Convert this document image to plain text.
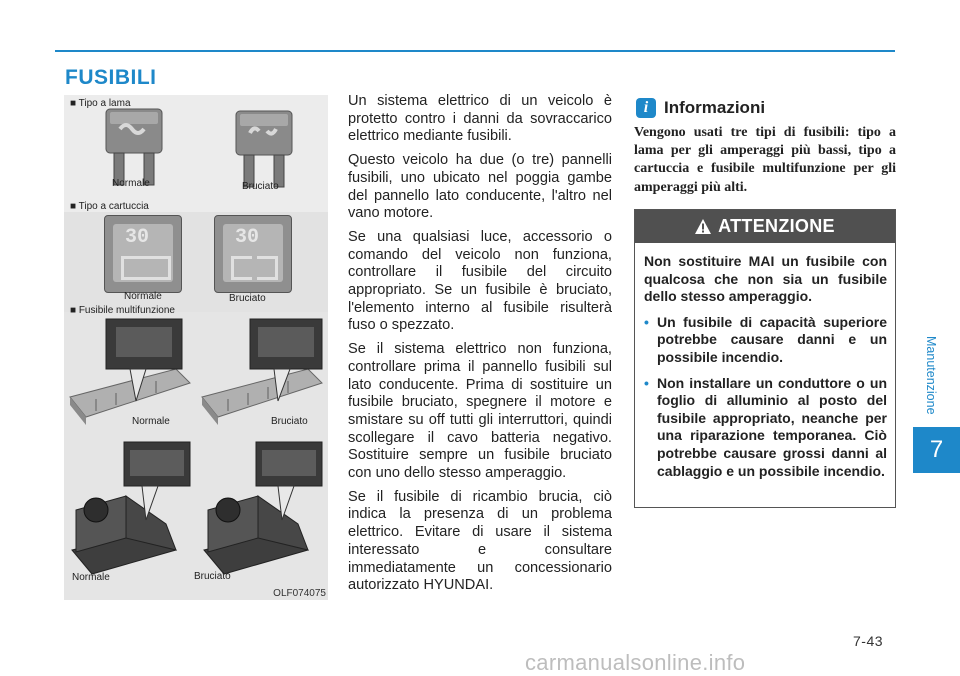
FUSIBILI
■ Tipo a lama
Normale	Bruciato
■ Tipo a cartuccia
30
Normale
30
Bruciato
■ Fusibile multifunzione
Normale	Bruciato
Normale	Bruciato
OLF074075

Un sistema elettrico di un veicolo è protetto contro i danni da sovraccarico elettrico mediante fusibili.

Questo veicolo ha due (o tre) pannelli fusibili, uno ubicato nel poggia gambe del pannello lato conducente, l'altro nel vano motore.

Se una qualsiasi luce, accessorio o comando del veicolo non funziona, controllare il fusibile del circuito appropriato. Se un fusibile è bruciato, l'elemento interno al fusibile risulterà fuso o spezzato.

Se il sistema elettrico non funziona, controllare prima il pannello fusibili sul lato conducente. Prima di sostituire un fusibile bruciato, spegnere il motore e smistare su off tutti gli interruttori, quindi scollegare il cavo batteria negativo. Sostituire sempre un fusibile bruciato con uno dello stesso amperaggio.

Se il fusibile di ricambio brucia, ciò indica la presenza di un problema elettrico. Evitare di usare il sistema interessato e consultare immediatamente un concessionario autorizzato HYUNDAI.

i Informazioni
Vengono usati tre tipi di fusibili: tipo a lama per gli amperaggi più bassi, tipo a cartuccia e fusibile multifunzione per gli amperaggi più alti.
ATTENZIONE

Non sostituire MAI un fusibile con qualcosa che non sia un fusibile dello stesso amperaggio.

• Un fusibile di capacità superiore potrebbe causare danni e un possibile incendio.
• Non installare un conduttore o un foglio di alluminio al posto del fusibile appropriato, neanche per una riparazione temporanea. Ciò potrebbe causare grossi danni al cablaggio e un possibile incendio.
Manutenzione
7
7-43
carmanualsonline.info
